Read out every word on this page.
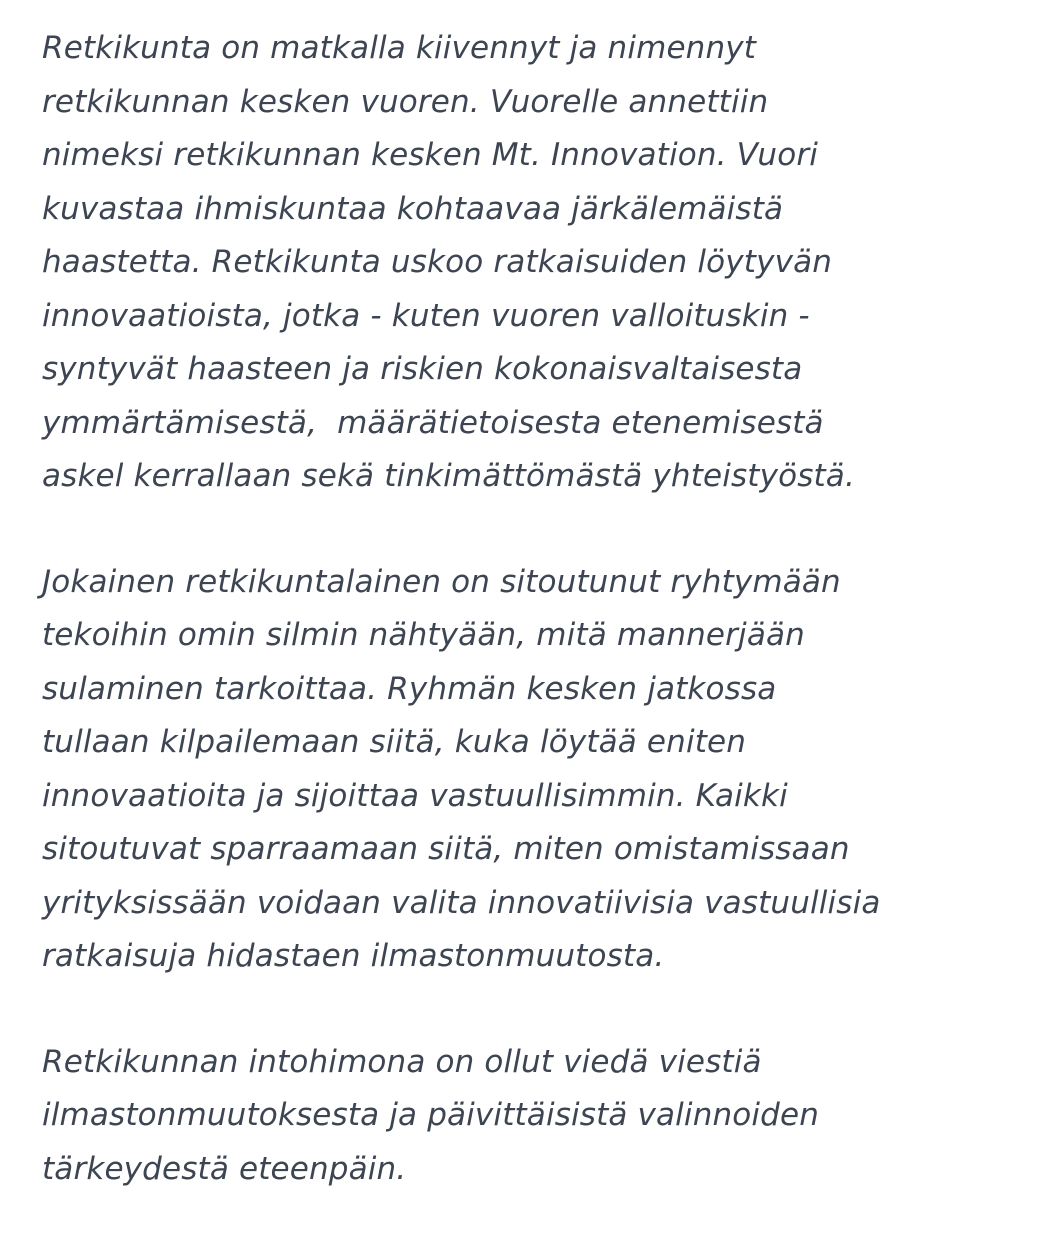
Retkikunta on matkalla kiivennyt ja nimennyt
retkikunnan kesken vuoren. Vuorelle annettiin
nimeksi retkikunnan kesken Mt. Innovation. Vuori
kuvastaa ihmiskuntaa kohtaavaa järkälemäistä
haastetta. Retkikunta uskoo ratkaisuiden löytyvän
innovaatioista, jotka - kuten vuoren valloituskin -
syntyvät haasteen ja riskien kokonaisvaltaisesta
ymmärtämisestä,  määrätietoisesta etenemisestä
askel kerrallaan sekä tinkimättömästä yhteistyöstä.

Jokainen retkikuntalainen on sitoutunut ryhtymään
tekoihin omin silmin nähtyään, mitä mannerjään
sulaminen tarkoittaa. Ryhmän kesken jatkossa
tullaan kilpailemaan siitä, kuka löytää eniten
innovaatioita ja sijoittaa vastuullisimmin. Kaikki
sitoutuvat sparraamaan siitä, miten omistamissaan
yrityksissään voidaan valita innovatiivisia vastuullisia
ratkaisuja hidastaen ilmastonmuutosta.

Retkikunnan intohimona on ollut viedä viestiä
ilmastonmuutoksesta ja päivittäisistä valinnoiden
tärkeydestä eteenpäin.
